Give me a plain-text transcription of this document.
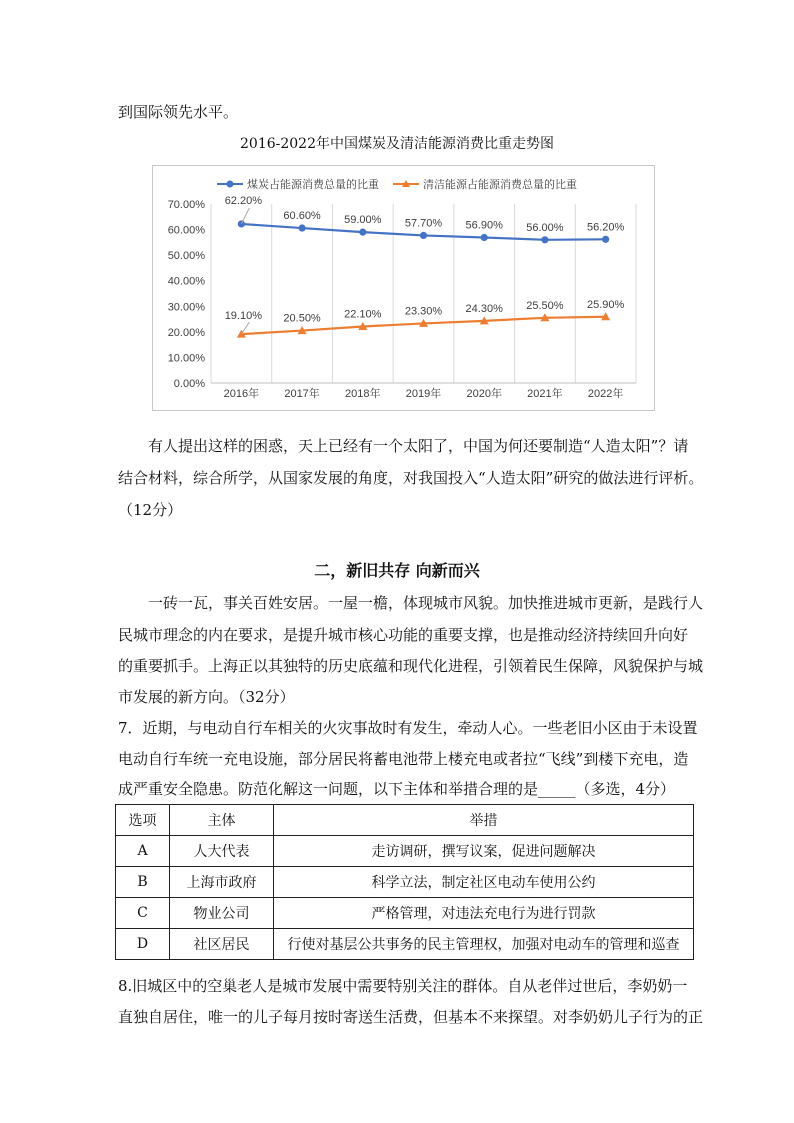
到国际领先水平。
2016-2022年中国煤炭及清洁能源消费比重走势图
0.00%
10.00%
20.00%
30.00%
40.00%
50.00%
60.00%
70.00%
2016年 2017年 2018年 2019年 2020年 2021年 2022年
煤炭占能源消费总量的比重	清洁能源占能源消费总量的比重
62.20%
60.60% 59.00% 57.70% 56.90% 56.00% 56.20%
19.10% 20.50% 22.10% 23.30% 24.30% 25.50% 25.90%
有人提出这样的困惑，天上已经有一个太阳了，中国为何还要制造“人造太阳”？请
结合材料，综合所学，从国家发展的角度，对我国投入“人造太阳”研究的做法进行评析。
（12分）
二，新旧共存 向新而兴
一砖一瓦，事关百姓安居。一屋一檐，体现城市风貌。加快推进城市更新，是践行人
民城市理念的内在要求，是提升城市核心功能的重要支撑，也是推动经济持续回升向好
的重要抓手。上海正以其独特的历史底蕴和现代化进程，引领着民生保障，风貌保护与城
市发展的新方向。（32分）
7．近期，与电动自行车相关的火灾事故时有发生，牵动人心。一些老旧小区由于未设置
电动自行车统一充电设施，部分居民将蓄电池带上楼充电或者拉“飞线”到楼下充电，造
成严重安全隐患。防范化解这一问题，以下主体和举措合理的是_____（多选，4分）
选项	主体	举措
A	人大代表	走访调研，撰写议案，促进问题解决
B	上海市政府	科学立法，制定社区电动车使用公约
C	物业公司	严格管理，对违法充电行为进行罚款
D	社区居民	行使对基层公共事务的民主管理权，加强对电动车的管理和巡查
8.旧城区中的空巢老人是城市发展中需要特别关注的群体。自从老伴过世后，李奶奶一
直独自居住，唯一的儿子每月按时寄送生活费，但基本不来探望。对李奶奶儿子行为的正
